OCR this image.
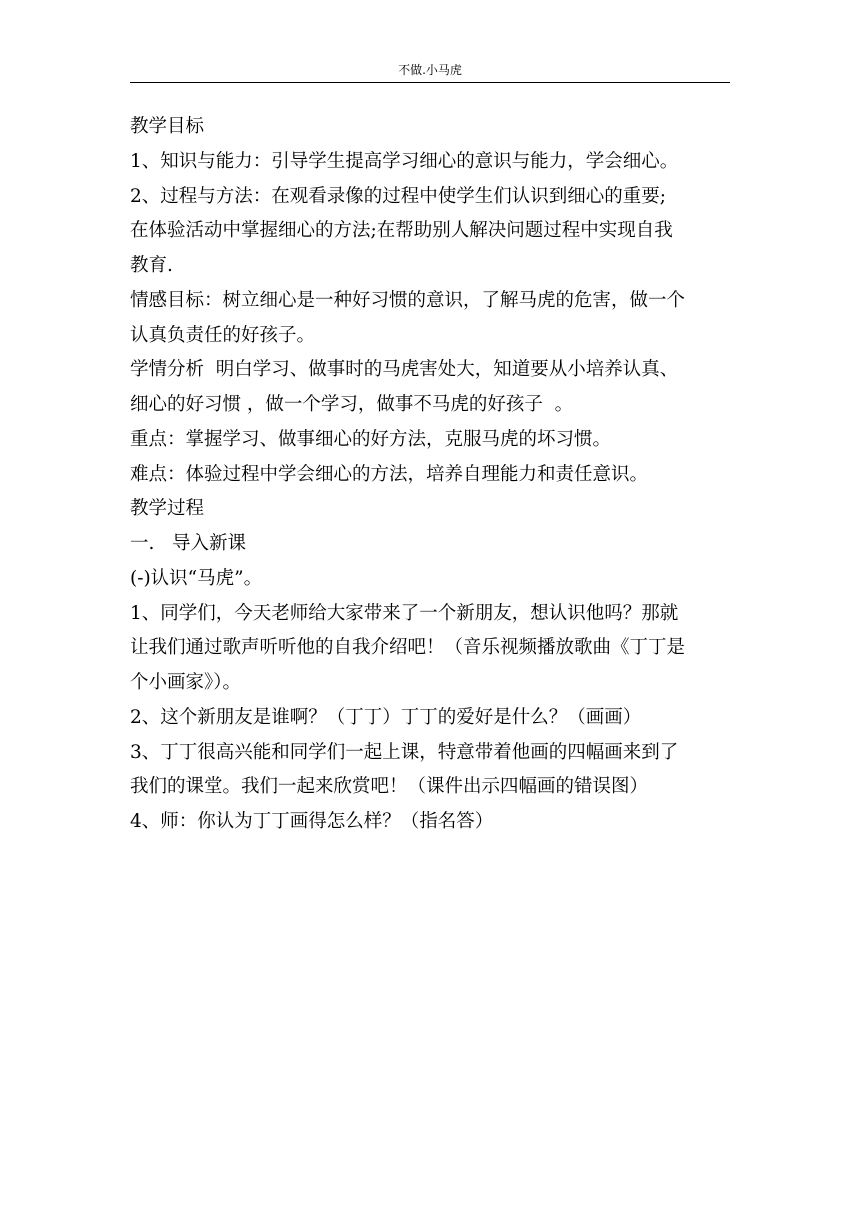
不做.小马虎
教学目标
1、知识与能力：引导学生提高学习细心的意识与能力，学会细心。
2、过程与方法：在观看录像的过程中使学生们认识到细心的重要;
在体验活动中掌握细心的方法;在帮助别人解决问题过程中实现自我
教育.
情感目标：树立细心是一种好习惯的意识，了解马虎的危害，做一个
认真负责任的好孩子。
学情分析  明白学习、做事时的马虎害处大，知道要从小培养认真、
细心的好习惯 ，做一个学习，做事不马虎的好孩子  。
重点：掌握学习、做事细心的好方法，克服马虎的坏习惯。
难点：体验过程中学会细心的方法，培养自理能力和责任意识。
教学过程
一.   导入新课
(-)认识“马虎”。
1、同学们，今天老师给大家带来了一个新朋友，想认识他吗？那就
让我们通过歌声听听他的自我介绍吧！（音乐视频播放歌曲《丁丁是
个小画家》）。
2、这个新朋友是谁啊？（丁丁）丁丁的爱好是什么？（画画）
3、丁丁很高兴能和同学们一起上课，特意带着他画的四幅画来到了
我们的课堂。我们一起来欣赏吧！（课件出示四幅画的错误图）
4、师：你认为丁丁画得怎么样？（指名答）
